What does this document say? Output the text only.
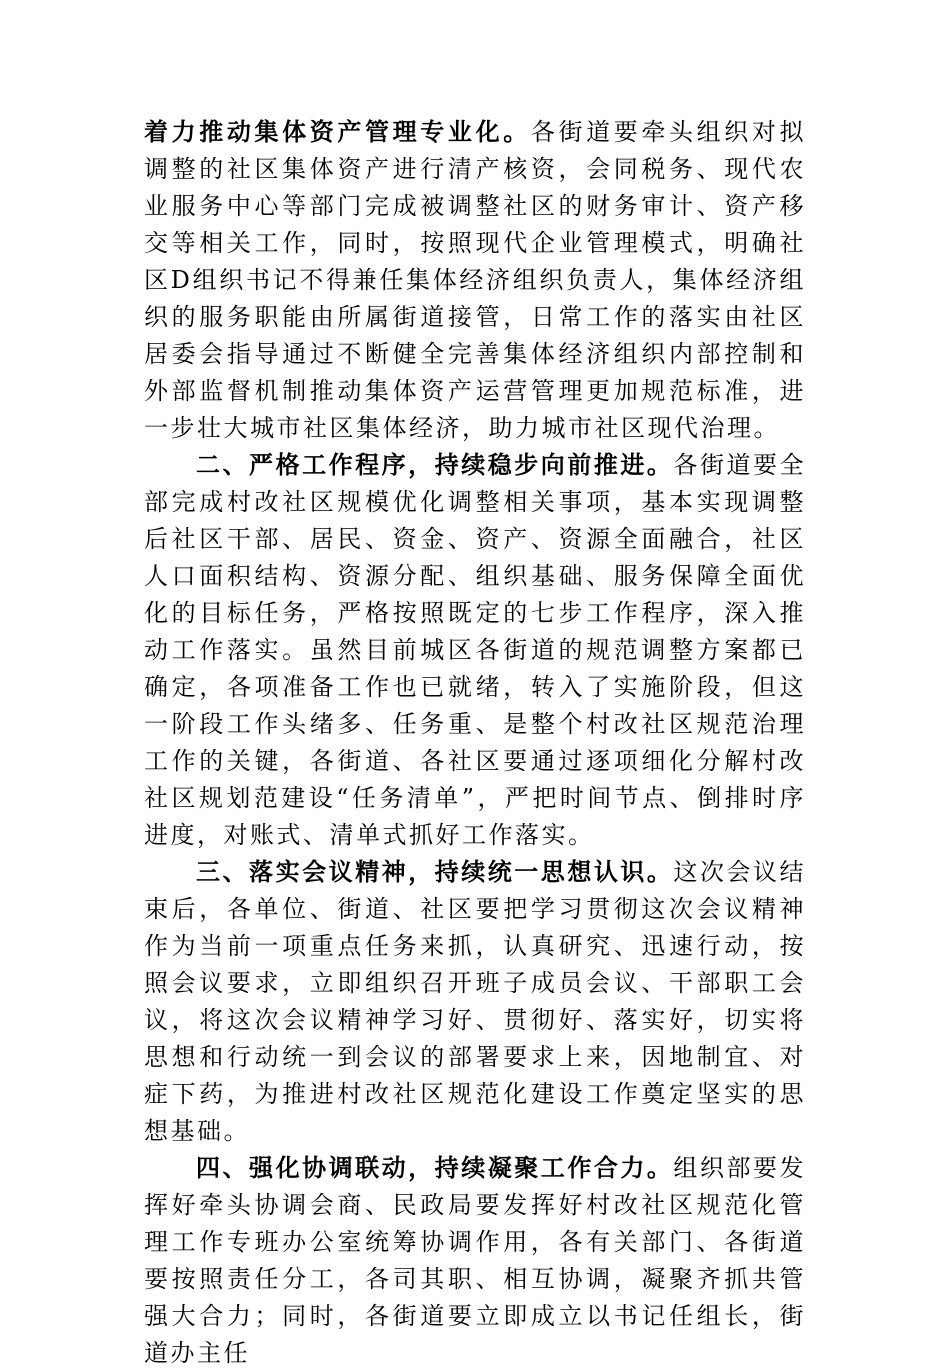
着力推动集体资产管理专业化。各街道要牵头组织对拟调整的社区集体资产进行清产核资，会同税务、现代农业服务中心等部门完成被调整社区的财务审计、资产移交等相关工作，同时，按照现代企业管理模式，明确社区D组织书记不得兼任集体经济组织负责人，集体经济组织的服务职能由所属街道接管，日常工作的落实由社区居委会指导通过不断健全完善集体经济组织内部控制和外部监督机制推动集体资产运营管理更加规范标准，进一步壮大城市社区集体经济，助力城市社区现代治理。

二、严格工作程序，持续稳步向前推进。各街道要全部完成村改社区规模优化调整相关事项，基本实现调整后社区干部、居民、资金、资产、资源全面融合，社区人口面积结构、资源分配、组织基础、服务保障全面优化的目标任务，严格按照既定的七步工作程序，深入推动工作落实。虽然目前城区各街道的规范调整方案都已确定，各项准备工作也已就绪，转入了实施阶段，但这一阶段工作头绪多、任务重、是整个村改社区规范治理工作的关键，各街道、各社区要通过逐项细化分解村改社区规划范建设“任务清单”，严把时间节点、倒排时序进度，对账式、清单式抓好工作落实。

三、落实会议精神，持续统一思想认识。这次会议结束后，各单位、街道、社区要把学习贯彻这次会议精神作为当前一项重点任务来抓，认真研究、迅速行动，按照会议要求，立即组织召开班子成员会议、干部职工会议，将这次会议精神学习好、贯彻好、落实好，切实将思想和行动统一到会议的部署要求上来，因地制宜、对症下药，为推进村改社区规范化建设工作奠定坚实的思想基础。

四、强化协调联动，持续凝聚工作合力。组织部要发挥好牵头协调会商、民政局要发挥好村改社区规范化管理工作专班办公室统筹协调作用，各有关部门、各街道要按照责任分工，各司其职、相互协调，凝聚齐抓共管强大合力；同时，各街道要立即成立以书记任组长，街道办主任
